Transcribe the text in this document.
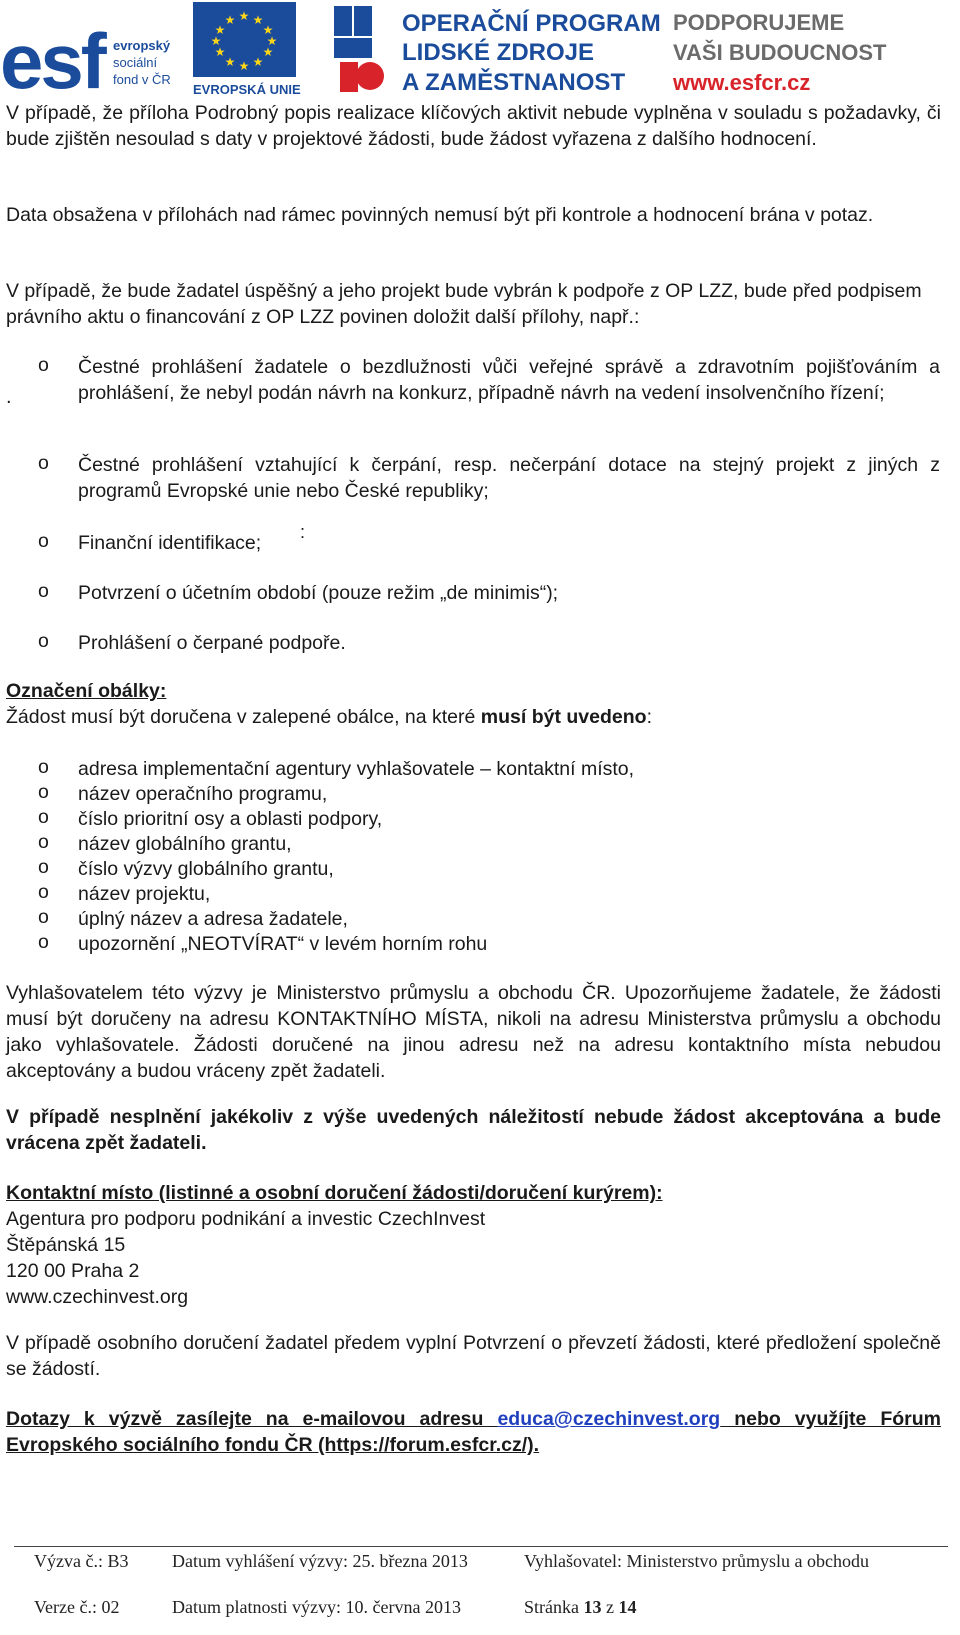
esf evropský
sociální
fond v ČR
★ ★
★
★
★
★
★
★
★
★
★
★
EVROPSKÁ UNIE
OPERAČNÍ PROGRAM
LIDSKÉ ZDROJE
A ZAMĚSTNANOST
PODPORUJEME
VAŠI BUDOUCNOST
www.esfcr.cz
V případě, že příloha Podrobný popis realizace klíčových aktivit nebude vyplněna v souladu s požadavky, či bude zjištěn nesoulad s daty v projektové žádosti, bude žádost vyřazena z dalšího hodnocení.
Data obsažena v přílohách nad rámec povinných nemusí být při kontrole a hodnocení brána v potaz.
V případě, že bude žadatel úspěšný a jeho projekt bude vybrán k podpoře z OP LZZ, bude před podpisem právního aktu o financování z OP LZZ povinen doložit další přílohy, např.:
.
o Čestné prohlášení žadatele o bezdlužnosti vůči veřejné správě a zdravotním pojišťováním a prohlášení, že nebyl podán návrh na konkurz, případně návrh na vedení insolvenčního řízení;
o Čestné prohlášení vztahující k čerpání, resp. nečerpání dotace na stejný projekt z jiných z programů Evropské unie nebo České republiky;
o Finanční identifikace; :
o Potvrzení o účetním období (pouze režim „de minimis“);
o Prohlášení o čerpané podpoře.
Označení obálky:
Žádost musí být doručena v zalepené obálce, na které musí být uvedeno:
o adresa implementační agentury vyhlašovatele – kontaktní místo,
o název operačního programu,
o číslo prioritní osy a oblasti podpory,
o název globálního grantu,
o číslo výzvy globálního grantu,
o název projektu,
o úplný název a adresa žadatele,
o upozornění „NEOTVÍRAT“ v levém horním rohu
Vyhlašovatelem této výzvy je Ministerstvo průmyslu a obchodu ČR. Upozorňujeme žadatele, že žádosti musí být doručeny na adresu KONTAKTNÍHO MÍSTA, nikoli na adresu Ministerstva průmyslu a obchodu jako vyhlašovatele. Žádosti doručené na jinou adresu než na adresu kontaktního místa nebudou akceptovány a budou vráceny zpět žadateli.
V případě nesplnění jakékoliv z výše uvedených náležitostí nebude žádost akceptována a bude vrácena zpět žadateli.
Kontaktní místo (listinné a osobní doručení žádosti/doručení kurýrem):
Agentura pro podporu podnikání a investic CzechInvest
Štěpánská 15
120 00 Praha 2
www.czechinvest.org
V případě osobního doručení žadatel předem vyplní Potvrzení o převzetí žádosti, které předložení společně se žádostí.
Dotazy k výzvě zasílejte na e-mailovou adresu educa@czechinvest.org nebo využíjte Fórum Evropského sociálního fondu ČR (https://forum.esfcr.cz/).
Výzva č.: B3 Datum vyhlášení výzvy: 25. března 2013	Vyhlašovatel: Ministerstvo průmyslu a obchodu
Verze č.: 02	Datum platnosti výzvy: 10. června 2013	Stránka 13 z 14
